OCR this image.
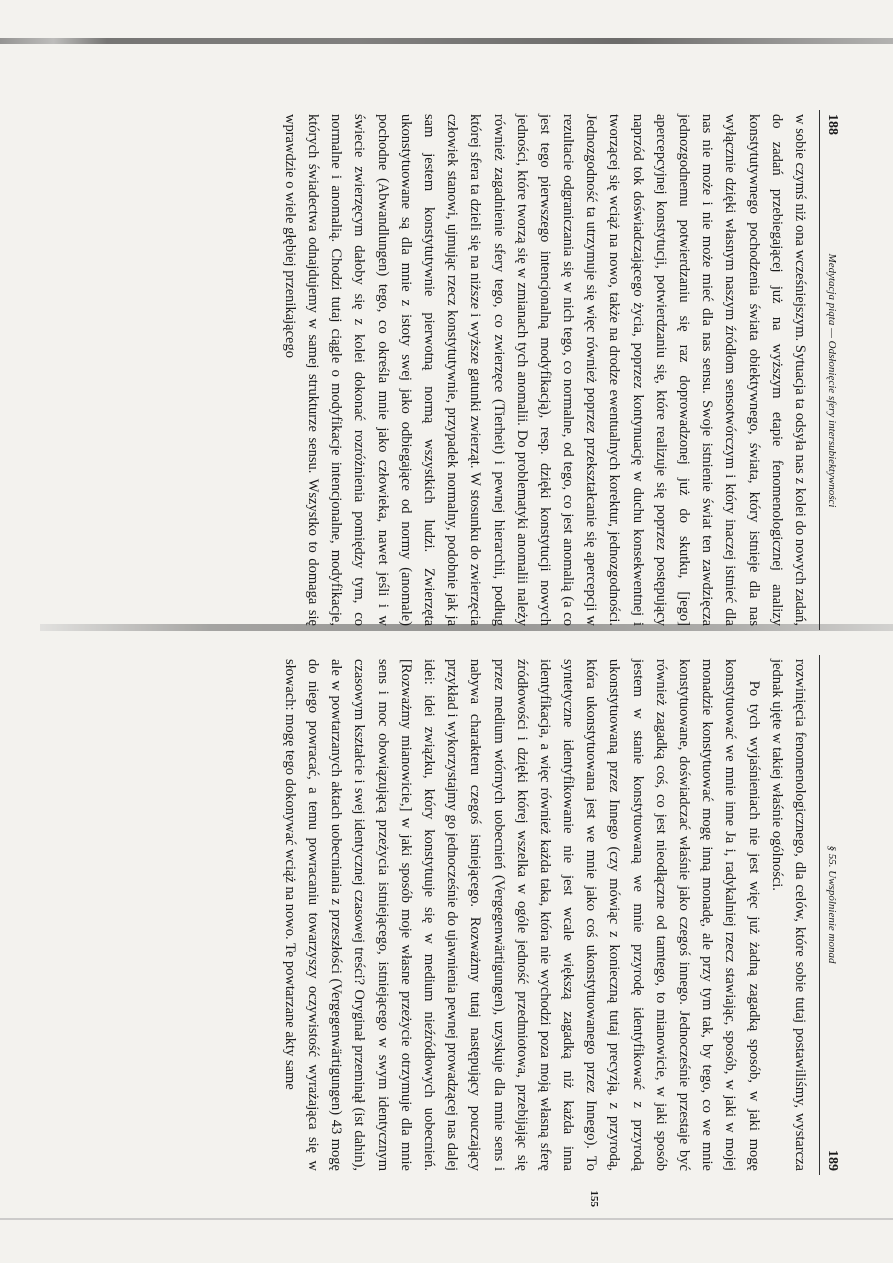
188
Medytacja piąta — Odsłonięcie sfery intersubiektywności

w sobie czymś niż ona wcześniejszym. Sytuacja ta odsyła nas z kolei do nowych zadań, do zadań przebiegającej już na wyższym etapie fenomenologicznej analizy konstytutywnego pochodzenia świata obiektywnego, świata, który istnieje dla nas wyłącznie dzięki własnym naszym źródłom sensotwórczym i który inaczej istnieć dla nas nie może i nie może mieć dla nas sensu. Swoje istnienie świat ten zawdzięcza jednozgodnemu potwierdzaniu się raz doprowadzonej już do skutku, [jego] apercepcyjnej konstytucji, potwierdzaniu się, które realizuje się poprzez postępujący naprzód tok doświadczającego życia, poprzez kontynuację w duchu konsekwentnej i tworzącej się wciąż na nowo, także na drodze ewentualnych korektur, jednozgodności. Jednozgodność ta utrzymuje się więc również poprzez przekształcanie się apercepcji w rezultacie odgraniczania się w nich tego, co normalne, od tego, co jest anomalią (a co jest tego pierwszego intencjonalną modyfikacją), resp. dzięki konstytucji nowych jedności, które tworzą się w zmianach tych anomalii. Do problematyki anomalii należy również zagadnienie sfery tego, co zwierzęce (Tierheit) i pewnej hierarchii, podług której sfera ta dzieli się na niższe i wyższe gatunki zwierząt. W stosunku do zwierzęcia człowiek stanowi, ujmując rzecz konstytutywnie, przypadek normalny, podobnie jak ja sam jestem konstytutywnie pierwotną normą wszystkich ludzi. Zwierzęta ukonstytuowane są dla mnie z istoty swej jako odbiegające od normy (anomale) pochodne (Abwandlungen) tego, co określa mnie jako człowieka, nawet jeśli i w świecie zwierzęcym dałoby się z kolei dokonać rozróżnienia pomiędzy tym, co normalne i anomalią. Chodzi tutaj ciągle o modyfikacje intencjonalne, modyfikacje, których świadectwa odnajdujemy w samej strukturze sensu. Wszystko to domaga się wprawdzie o wiele głębiej przenikającego

§ 55. Uwspólnienie monad
189

rozwinięcia fenomenologicznego, dla celów, które sobie tutaj postawiliśmy, wystarcza jednak ujęte w takiej właśnie ogólności.

Po tych wyjaśnieniach nie jest więc już żadną zagadką sposób, w jaki mogę konstytuować we mnie inne Ja i, radykalniej rzecz stawiając, sposób, w jaki w mojej monadzie konstytuować mogę inną monadę, ale przy tym tak, by tego, co we mnie konstytuowane, doświadczać właśnie jako czegoś innego. Jednocześnie przestaje być również zagadką coś, co jest nieodłączne od tamtego, to mianowicie, w jaki sposób jestem w stanie konstytuowaną we mnie przyrodę identyfikować z przyrodą ukonstytuowaną przez Innego (czy mówiąc z konieczną tutaj precyzją, z przyrodą, która ukonstytuowana jest we mnie jako coś ukonstytuowanego przez Innego). To syntetyczne identyfikowanie nie jest wcale większą zagadką niż każda inna identyfikacja, a więc również każda taka, która nie wychodzi poza moją własną sferę źródłowości i dzięki której wszelka w ogóle jedność przedmiotowa, przebijając się przez medium wtórnych uobecnień (Vergegenwärtigungen), uzyskuje dla mnie sens i nabywa charakteru czegoś istniejącego. Rozważmy tutaj następujący pouczający przykład i wykorzystajmy go jednocześnie do ujawnienia pewnej prowadzącej nas dalej idei: idei związku, który konstytuuje się w medium nieźródłowych uobecnień. [Rozważmy mianowicie,] w jaki sposób moje własne przeżycie otrzymuje dla mnie sens i moc obowiązującą przeżycia istniejącego, istniejącego w swym identycznym czasowym kształcie i swej identycznej czasowej treści? Oryginał przeminął (ist dahin), ale w powtarzanych aktach uobecniania z przeszłości (Vergegenwärtigungen) 43 mogę do niego powracać, a temu powracaniu towarzyszy oczywistość wyrażająca się w słowach: mogę tego dokonywać wciąż na nowo. Te powtarzane akty same

155
